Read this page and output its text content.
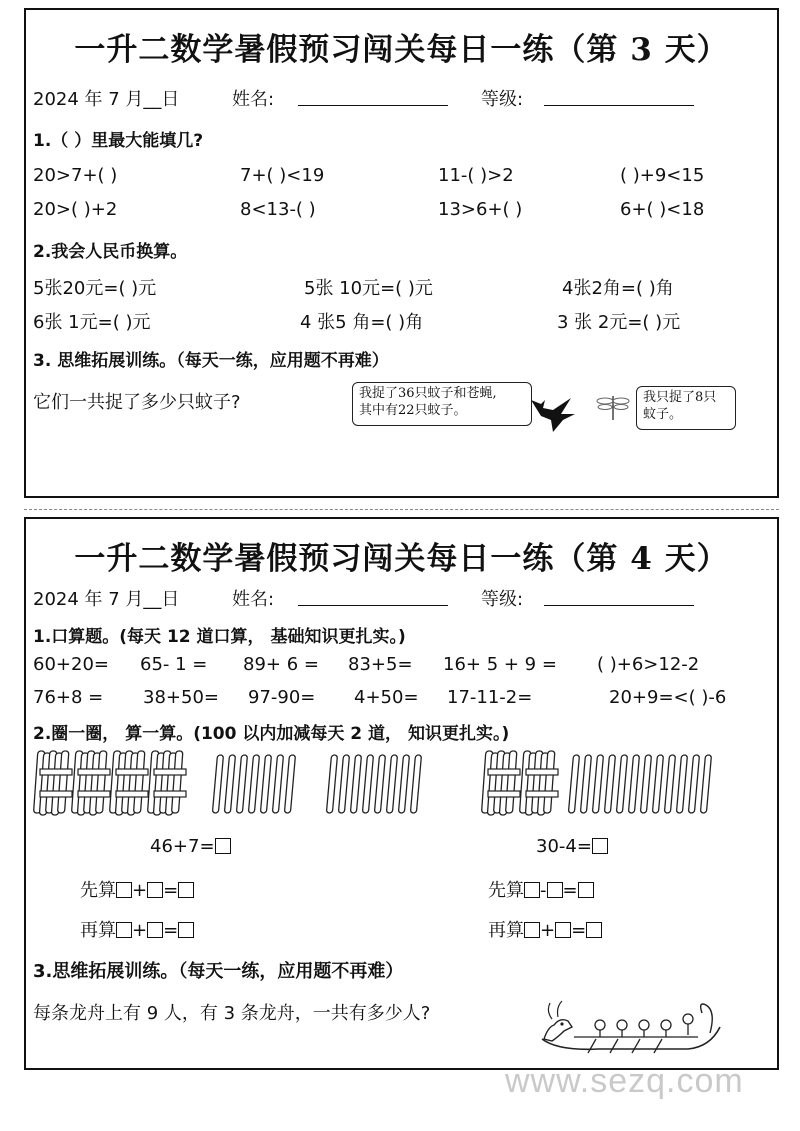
一升二数学暑假预习闯关每日一练（第 3 天）
2024 年 7 月__日	姓名:	等级:
1.（ ）里最大能填几?
20>7+( )	7+( )<19	11-( )>2	( )+9<15
20>( )+2	8<13-( )	13>6+( )	6+( )<18
2.我会人民币换算。
5张20元=( )元	5张 10元=( )元	4张2角=( )角
6张 1元=( )元	4 张5 角=( )角	3 张 2元=( )元
3. 思维拓展训练。（每天一练，应用题不再难）
它们一共捉了多少只蚊子?	我捉了36只蚊子和苍蝇,
其中有22只蚊子。
我只捉了8只
蚊子。
一升二数学暑假预习闯关每日一练（第 4 天）
2024 年 7 月__日	姓名:	等级:
1.口算题。(每天 12 道口算， 基础知识更扎实。)
60+20= 65- 1 = 89+ 6 = 83+5= 16+ 5 + 9 = ( )+6>12-2
76+8 = 38+50= 97-90= 4+50= 17-11-2=	20+9=<( )-6
2.圈一圈， 算一算。(100 以内加减每天 2 道， 知识更扎实。)
46+7=
先算 + =
再算 + =
30-4=
先算 - =
再算 + =
3.思维拓展训练。（每天一练，应用题不再难）
每条龙舟上有 9 人，有 3 条龙舟，一共有多少人?
www.sezq.com
